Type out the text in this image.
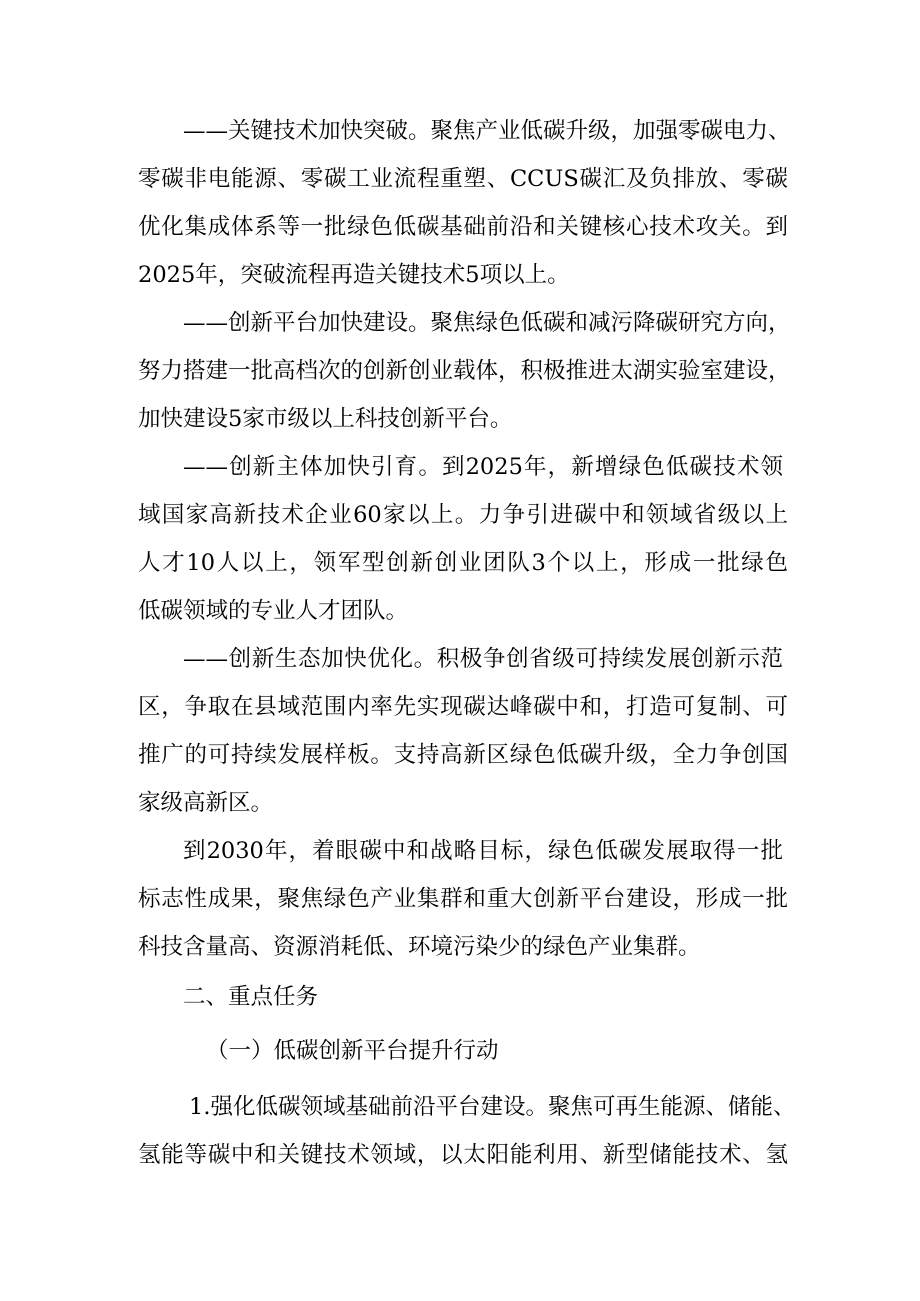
——关键技术加快突破。聚焦产业低碳升级，加强零碳电力、
零碳非电能源、零碳工业流程重塑、CCUS碳汇及负排放、零碳
优化集成体系等一批绿色低碳基础前沿和关键核心技术攻关。到
2025年，突破流程再造关键技术5项以上。
——创新平台加快建设。聚焦绿色低碳和减污降碳研究方向，
努力搭建一批高档次的创新创业载体，积极推进太湖实验室建设，
加快建设5家市级以上科技创新平台。
——创新主体加快引育。到2025年，新增绿色低碳技术领
域国家高新技术企业60家以上。力争引进碳中和领域省级以上
人才10人以上，领军型创新创业团队3个以上，形成一批绿色
低碳领域的专业人才团队。
——创新生态加快优化。积极争创省级可持续发展创新示范
区，争取在县域范围内率先实现碳达峰碳中和，打造可复制、可
推广的可持续发展样板。支持高新区绿色低碳升级，全力争创国
家级高新区。
到2030年，着眼碳中和战略目标，绿色低碳发展取得一批
标志性成果，聚焦绿色产业集群和重大创新平台建设，形成一批
科技含量高、资源消耗低、环境污染少的绿色产业集群。
二、重点任务
（一）低碳创新平台提升行动
1.强化低碳领域基础前沿平台建设。聚焦可再生能源、储能、
氢能等碳中和关键技术领域，以太阳能利用、新型储能技术、氢
